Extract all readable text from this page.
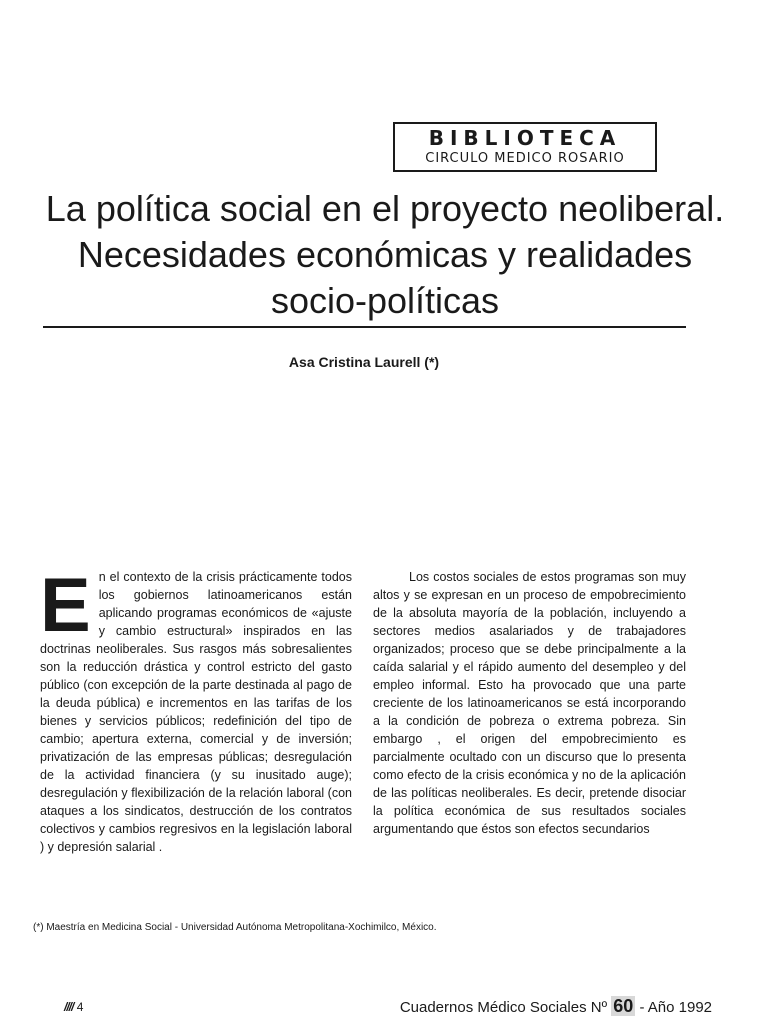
BIBLIOTECA
CIRCULO MEDICO ROSARIO
La política social en el proyecto neoliberal. Necesidades económicas y realidades socio-políticas
Asa Cristina Laurell (*)

En el contexto de la crisis prácticamente todos los gobiernos latinoamericanos están aplicando programas económicos de «ajuste y cambio estructural» inspirados en las doctrinas neoliberales. Sus rasgos más sobresalientes son la reducción drástica y control estricto del gasto público (con excepción de la parte destinada al pago de la deuda pública) e incrementos en las tarifas de los bienes y servicios públicos; redefinición del tipo de cambio; apertura externa, comercial y de inversión; privatización de las empresas públicas; desregulación de la actividad financiera (y su inusitado auge); desregulación y flexibilización de la relación laboral (con ataques a los sindicatos, destrucción de los contratos colectivos y cambios regresivos en la legislación laboral ) y depresión salarial .

Los costos sociales de estos programas son muy altos y se expresan en un proceso de empobrecimiento de la absoluta mayoría de la población, incluyendo a sectores medios asalariados y de trabajadores organizados; proceso que se debe principalmente a la caída salarial y el rápido aumento del desempleo y del empleo informal. Esto ha provocado que una parte creciente de los latinoamericanos se está incorporando a la condición de pobreza o extrema pobreza. Sin embargo , el origen del empobrecimiento es parcialmente ocultado con un discurso que lo presenta como efecto de la crisis económica y no de la aplicación de las políticas neoliberales. Es decir, pretende disociar la política económica de sus resultados sociales argumentando que éstos son efectos secundarios

(*) Maestría en Medicina Social - Universidad Autónoma Metropolitana-Xochimilco, México.
//// 4	Cuadernos Médico Sociales Nº 60 - Año 1992
